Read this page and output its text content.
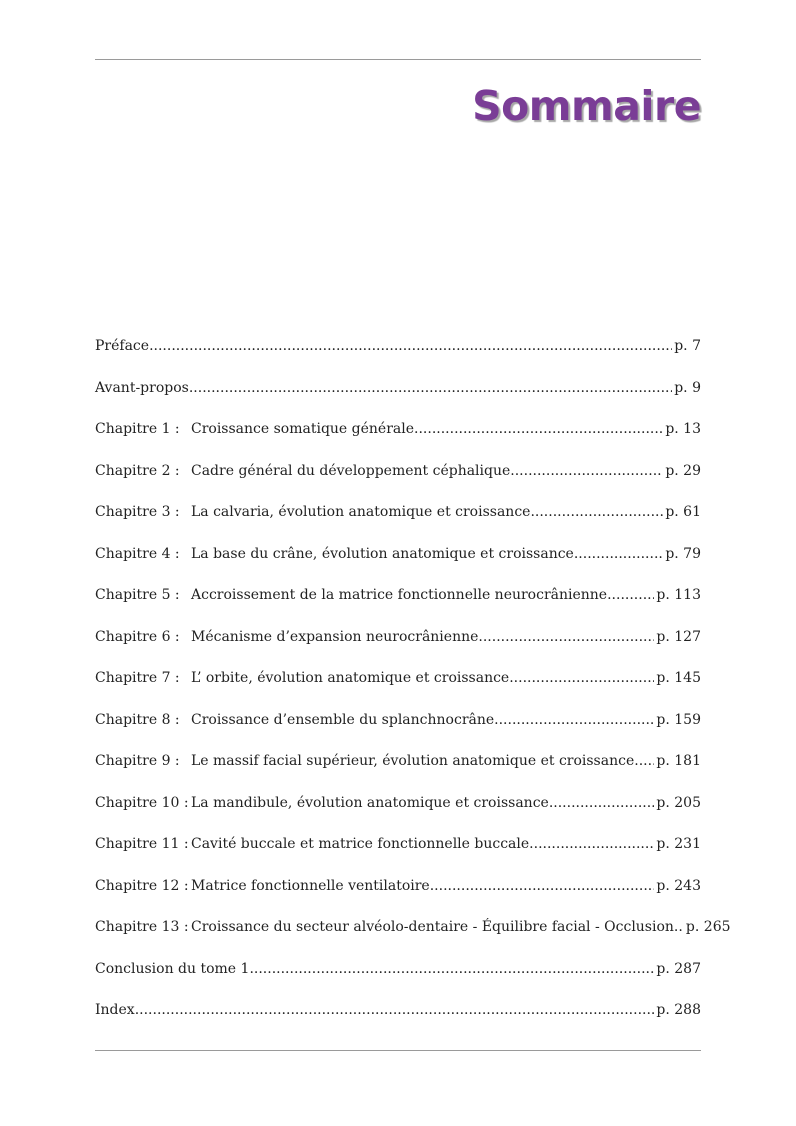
Sommaire
Préface .....	p. 7
Avant-propos .....	p. 9
Chapitre 1 : Croissance somatique générale .....	p. 13
Chapitre 2 : Cadre général du développement céphalique .....	p. 29
Chapitre 3 : La calvaria, évolution anatomique et croissance .....	p. 61
Chapitre 4 : La base du crâne, évolution anatomique et croissance .....	p. 79
Chapitre 5 : Accroissement de la matrice fonctionnelle neurocrânienne .....	p. 113
Chapitre 6 : Mécanisme d’expansion neurocrânienne .....	p. 127
Chapitre 7 : L’ orbite, évolution anatomique et croissance .....	p. 145
Chapitre 8 : Croissance d’ensemble du splanchnocrâne .....	p. 159
Chapitre 9 : Le massif facial supérieur, évolution anatomique et croissance ..... p. 181
Chapitre 10 : La mandibule, évolution anatomique et croissance .....	p. 205
Chapitre 11 : Cavité buccale et matrice fonctionnelle buccale .....	p. 231
Chapitre 12 : Matrice fonctionnelle ventilatoire .....	p. 243
Chapitre 13 : Croissance du secteur alvéolo-dentaire - Équilibre facial - Occlusion ..... p. 265
Conclusion du tome 1 .....	p. 287
Index .....	p. 288
